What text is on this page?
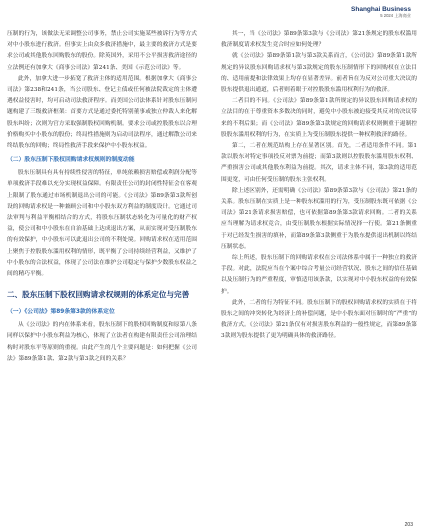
Shanghai Business
5 2024 上海商业

压制的行为，该做法无采调整公司事务，禁止公司实施某些被诉行为等方式对中小股东进行救济。但事实上由众多救济措施中，最主要的救济方式是要求公司或其他股东回购股东的股份。除英国外，采用不公平损害救济途径的立法例还有加拿大《商事公司法》第241条、美国《示范公司法》等。

此外，加拿大进一步拓宽了救济主体的适用范围。根据加拿大《商事公司法》第238和241条，当公司股东、登记主债或任何被法院裁定的主体遭遇权益侵害时，均可启动司法救济程序。而美国公司法体系针对股东压制问题构建了三级救济框架：首要方式是通过委托特别董事或独立仲裁人来化解股东纠纷；次则为官方采取强制股权回购机制。要求公司或控股股东以合理价格购买中小股东的股份；终局性措施则为启动司法程序，通过解散公司来终结股东的回购；终局性救济手段来保护中小股东权益。

（二）股东压制下股权回购请求权规则的制度动能

股东压制具有具有持续性侵害的特征，单纯依赖损害赔偿或利润分配等单项救济手段难以充分实现权益保障。有限责任公司的封闭性特征会在客观上限制了股东通过市场机制退出公司的可能。《公司法》第89条第3款所创设的回购请求权是一种兼顾公司和中小股东双方利益的制度设计。它通过司法审判与利益平衡相结合的方式，将股东压制状态转化为可量化的财产权益，使公司和中小股东在自治基础上达成退出方案，从而实现对受压制股东的有效保护，中小股东可以此退出公司的不利处境。回购请求权在适用范围上聚焦于控股股东滥用权利的情形，既平衡了公司持续经营利益，又维护了中小股东的合法权益，体现了公司法在维护公司稳定与保护少数股东权益之间的精巧平衡。

二、股东压制下股权回购请求权规则的体系定位与完善
（一）《公司法》第89条第3款的体系定位

从《公司法》的内在体系来看，股东压制下的股权回购制度和原第八条同样以保护中小股东利益为核心，体现了立法者在构建有限责任公司治理结构时对股东平等原则的重视。由此产生的几个主要问题是：如何把握《公司法》第89条第1款、第2款与第3款之间的关系？

其一，当《公司法》第89条第3款与《公司法》第21条规定的股东权滥用救济制度请求权发生竞合时应如何处理？

就《公司法》第89条第1款与第3款关系而言，《公司法》第89条第1款所规定的异议股东回购请求权与第3款规定的股东压制情形下的回购权在立法目的、适用前提和法律效果上均存在显著差异。前者旨在为反对公司重大决议的股东提供退出通道，后者则着眼于对控股股东滥用权利行为的救济。

二者目的不同。《公司法》第89条第1款所规定的异议股东回购请求权的立法目的在于尊重资本多数决的同时，避免中小股东被迫接受其反对的决议带来的不利后果；而《公司法》第89条第3款规定的回购请求权则侧重于遏制控股股东滥用权利的行为，在实质上为受压制股东提供一种权利救济的路径。

第二，二者在规范结构上存在显著区别。首先，二者适用条件不同。第1款以股东对特定事项投反对票为前提；而第3款则以控股股东滥用股东权利、严重损害公司或其他股东利益为前提。其次，请求主体不同，第3款的适用范围更宽，可由任何受压制的股东主张权利。

除上述区别外，还需明确《公司法》第89条第3款与《公司法》第21条的关系。股东压制在实质上是一种股东权滥用的行为，受压制股东既可依据《公司法》第21条请求损害赔偿，也可依据第89条第3款请求回购。二者的关系应当理解为请求权竞合，由受压制股东根据实际情况择一行使。第21条侧重于对已经发生损害的填补，而第89条第3款侧重于为股东提供退出机制以终结压制状态。

综上所述，股东压制下的回购请求权在公司法体系中属于一种独立的救济手段。对此，法院应当在个案中综合考量公司经营状况、股东之间的信任基础以及压制行为的严重程度，审慎适用该条款，以实现对中小股东权益的有效保护。

此外，二者的行为特征不同。股东压制下的股权回购请求权的实质在于将股东之间的冲突转化为经济上的补偿问题，是中小股东面对压制时的“严重”的救济方式。《公司法》第21条仅有对损害股东利益的一般性规定，而第89条第3款则为股东提供了更为明确具体的救济路径。

203
